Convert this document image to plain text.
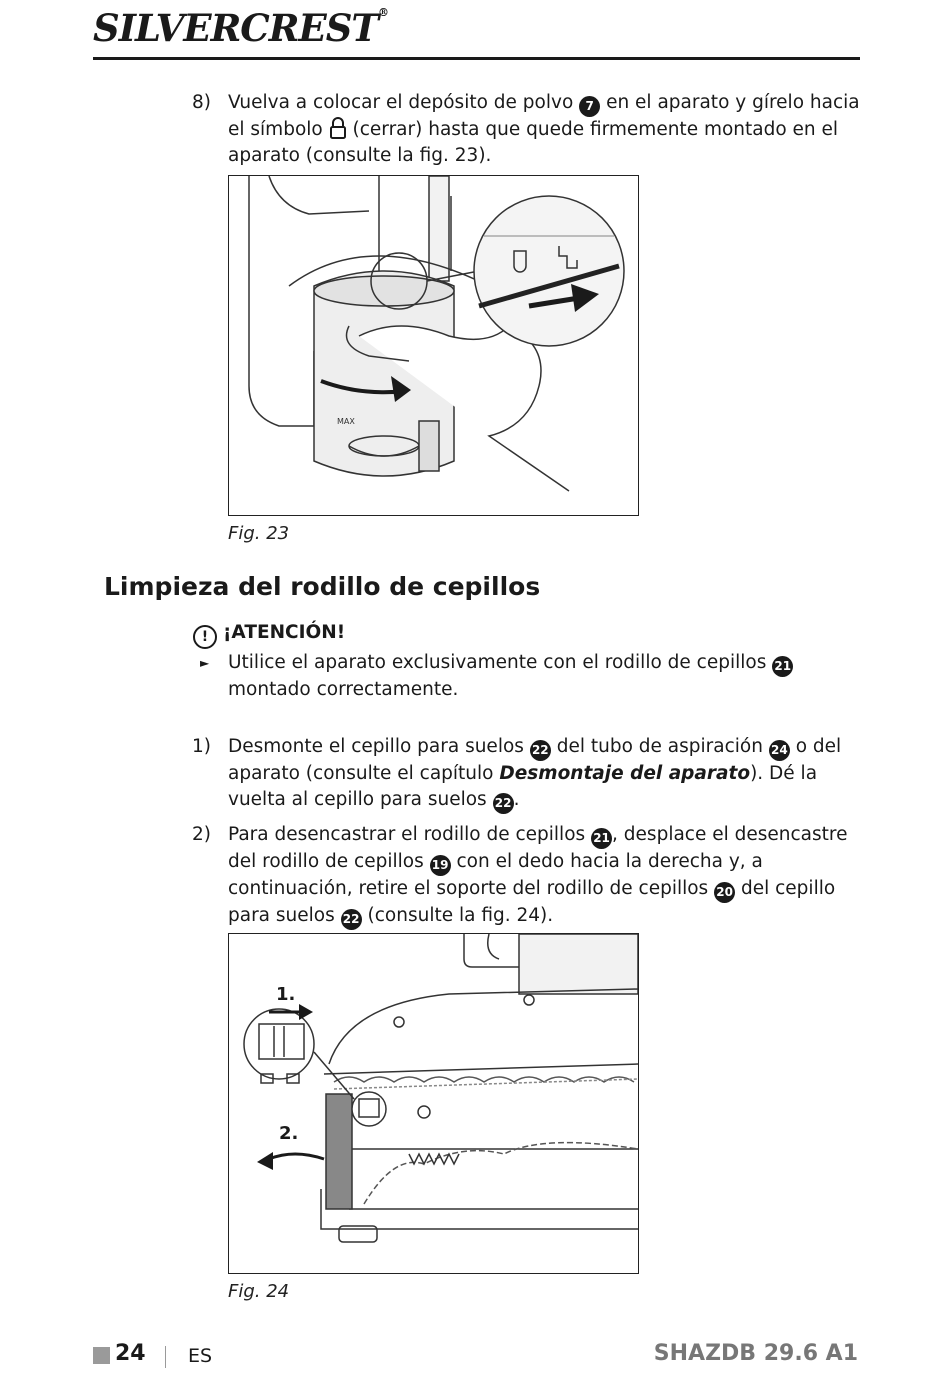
SILVERCREST®
8) Vuelva a colocar el depósito de polvo 7 en el aparato y gírelo hacia el símbolo (cerrar) hasta que quede firmemente montado en el aparato (consulte la fig. 23).
MAX
Fig. 23
Limpieza del rodillo de cepillos
! ¡ATENCIÓN!
► Utilice el aparato exclusivamente con el rodillo de cepillos 21 montado correctamente.
1) Desmonte el cepillo para suelos 22 del tubo de aspiración 24 o del aparato (consulte el capítulo Desmontaje del aparato). Dé la vuelta al cepillo para suelos 22 .
2) Para desencastrar el rodillo de cepillos 21 , desplace el desencastre del rodillo de cepillos 19 con el dedo hacia la derecha y, a continuación, retire el soporte del rodillo de cepillos 20 del cepillo para suelos 22 (consulte la fig. 24).
1.
2.
Fig. 24
24 ES	SHAZDB 29.6 A1
